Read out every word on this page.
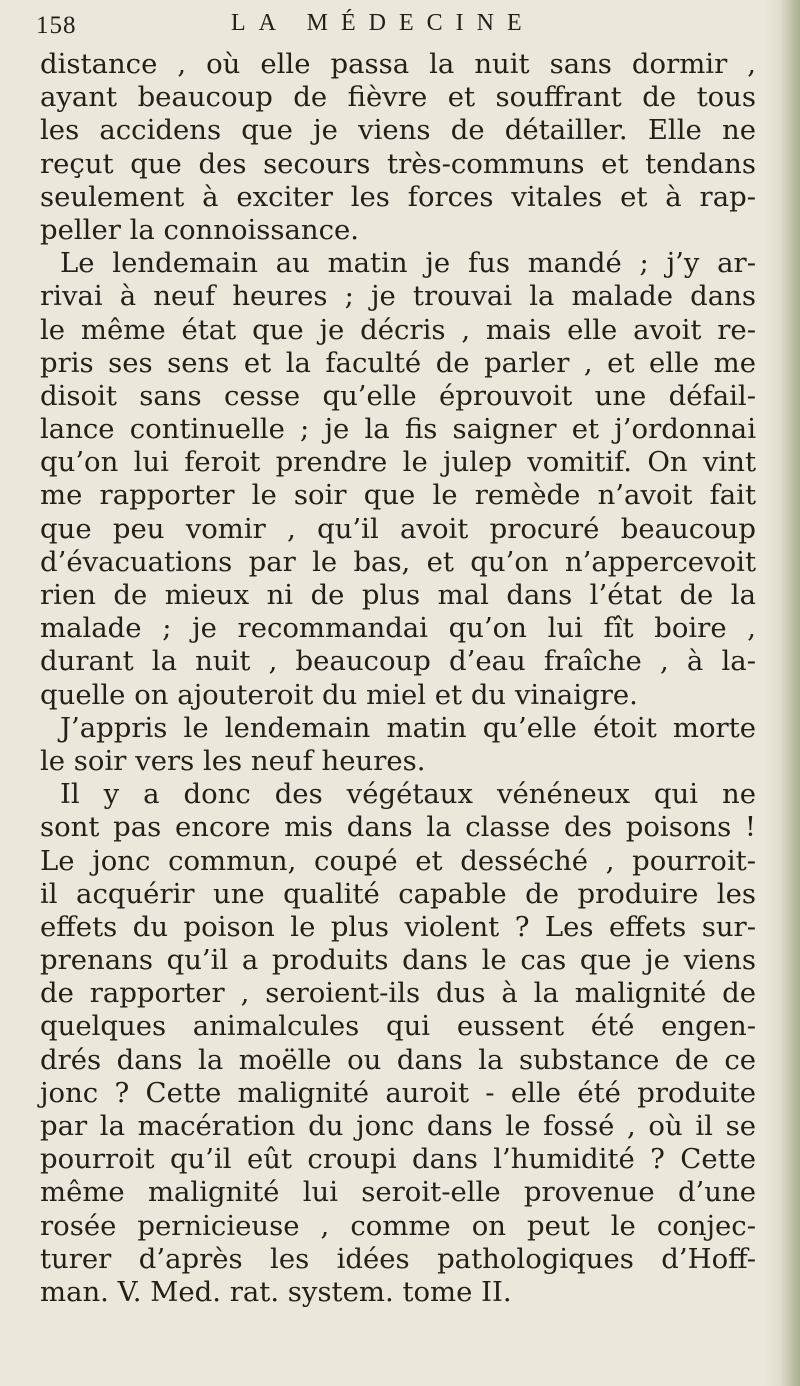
158	LA MÉDECINE
distance , où elle passa la nuit sans dormir ,
ayant beaucoup de fièvre et souffrant de tous
les accidens que je viens de détailler. Elle ne
reçut que des secours très-communs et tendans
seulement à exciter les forces vitales et à rap-
peller la connoissance.
Le lendemain au matin je fus mandé ; j’y ar-
rivai à neuf heures ; je trouvai la malade dans
le même état que je décris , mais elle avoit re-
pris ses sens et la faculté de parler , et elle me
disoit sans cesse qu’elle éprouvoit une défail-
lance continuelle ; je la fis saigner et j’ordonnai
qu’on lui feroit prendre le julep vomitif. On vint
me rapporter le soir que le remède n’avoit fait
que peu vomir , qu’il avoit procuré beaucoup
d’évacuations par le bas, et qu’on n’appercevoit
rien de mieux ni de plus mal dans l’état de la
malade ; je recommandai qu’on lui fît boire ,
durant la nuit , beaucoup d’eau fraîche , à la-
quelle on ajouteroit du miel et du vinaigre.
J’appris le lendemain matin qu’elle étoit morte
le soir vers les neuf heures.
Il y a donc des végétaux vénéneux qui ne
sont pas encore mis dans la classe des poisons !
Le jonc commun, coupé et desséché , pourroit-
il acquérir une qualité capable de produire les
effets du poison le plus violent ? Les effets sur-
prenans qu’il a produits dans le cas que je viens
de rapporter , seroient-ils dus à la malignité de
quelques animalcules qui eussent été engen-
drés dans la moëlle ou dans la substance de ce
jonc ? Cette malignité auroit - elle été produite
par la macération du jonc dans le fossé , où il se
pourroit qu’il eût croupi dans l’humidité ? Cette
même malignité lui seroit-elle provenue d’une
rosée pernicieuse , comme on peut le conjec-
turer d’après les idées pathologiques d’Hoff-
man. V. Med. rat. system. tome II.
